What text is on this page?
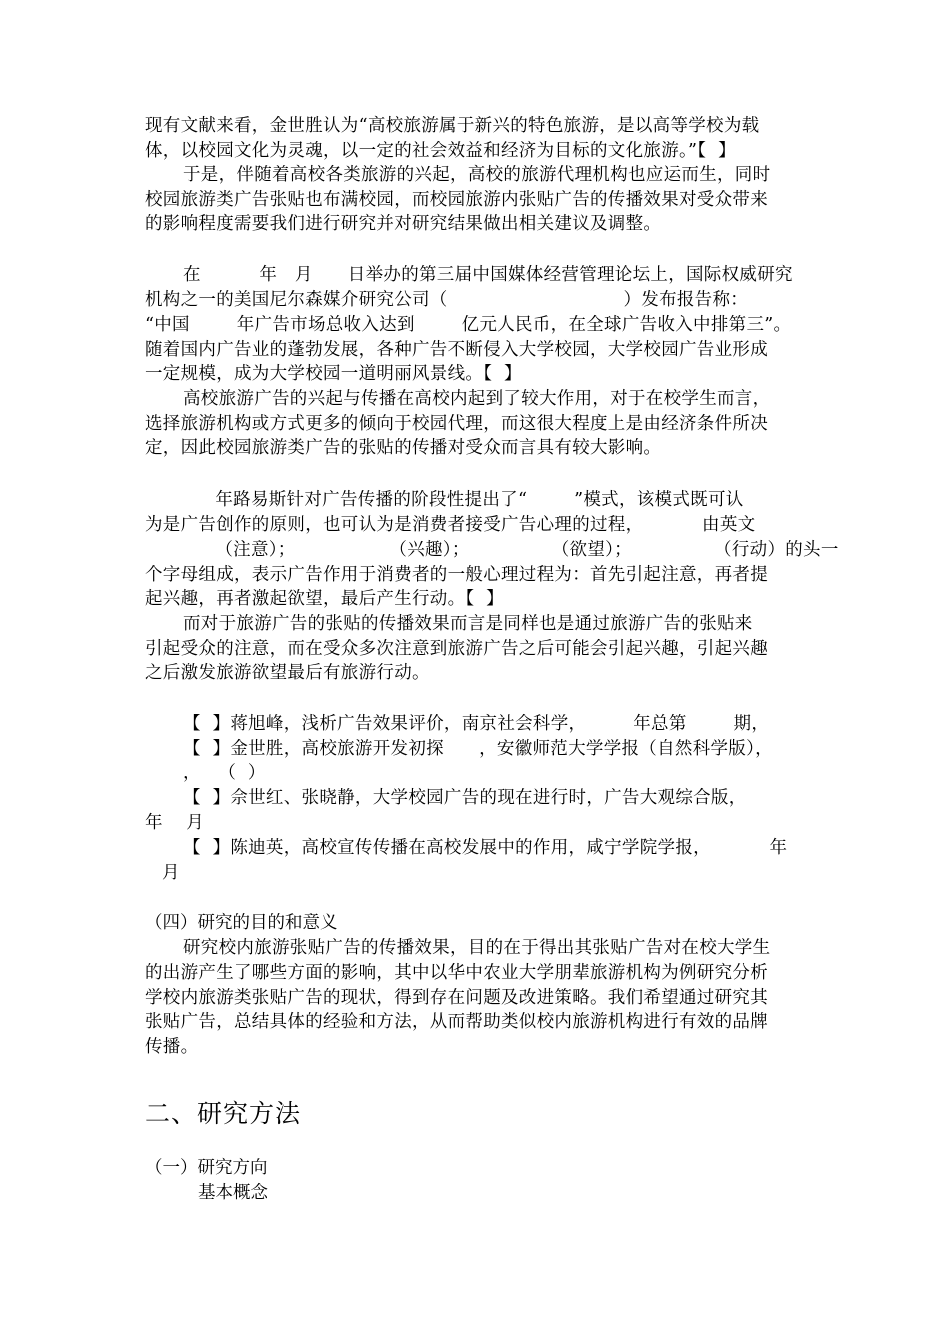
现有文献来看，金世胜认为“高校旅游属于新兴的特色旅游，是以高等学校为载
体，以校园文化为灵魂，以一定的社会效益和经济为目标的文化旅游。”【  】
于是，伴随着高校各类旅游的兴起，高校的旅游代理机构也应运而生，同时
校园旅游类广告张贴也布满校园，而校园旅游内张贴广告的传播效果对受众带来
的影响程度需要我们进行研究并对研究结果做出相关建议及调整。
在          年   月      日举办的第三届中国媒体经营管理论坛上，国际权威研究
机构之一的美国尼尔森媒介研究公司（                              ）发布报告称：
“中国        年广告市场总收入达到        亿元人民币，在全球广告收入中排第三”。
随着国内广告业的蓬勃发展，各种广告不断侵入大学校园，大学校园广告业形成
一定规模，成为大学校园一道明丽风景线。【  】
高校旅游广告的兴起与传播在高校内起到了较大作用，对于在校学生而言，
选择旅游机构或方式更多的倾向于校园代理，而这很大程度上是由经济条件所决
定，因此校园旅游类广告的张贴的传播对受众而言具有较大影响。
年路易斯针对广告传播的阶段性提出了“        ”模式，该模式既可认
为是广告创作的原则，也可认为是消费者接受广告心理的过程，          由英文
（注意）；                （兴趣）；              （欲望）；              （行动）的头一
个字母组成，表示广告作用于消费者的一般心理过程为：首先引起注意，再者提
起兴趣，再者激起欲望，最后产生行动。【  】
而对于旅游广告的张贴的传播效果而言是同样也是通过旅游广告的张贴来
引起受众的注意，而在受众多次注意到旅游广告之后可能会引起兴趣，引起兴趣
之后激发旅游欲望最后有旅游行动。
【  】蒋旭峰，浅析广告效果评价，南京社会科学，        年总第        期，
【  】金世胜，高校旅游开发初探      ，安徽师范大学学报（自然科学版），
，   （  ）
【  】佘世红、张晓静，大学校园广告的现在进行时，广告大观综合版，
年    月
【  】陈迪英，高校宣传传播在高校发展中的作用，咸宁学院学报，          年
月
（四）研究的目的和意义
研究校内旅游张贴广告的传播效果，目的在于得出其张贴广告对在校大学生
的出游产生了哪些方面的影响，其中以华中农业大学朋辈旅游机构为例研究分析
学校内旅游类张贴广告的现状，得到存在问题及改进策略。我们希望通过研究其
张贴广告，总结具体的经验和方法，从而帮助类似校内旅游机构进行有效的品牌
传播。
二、研究方法
（一）研究方向
基本概念
